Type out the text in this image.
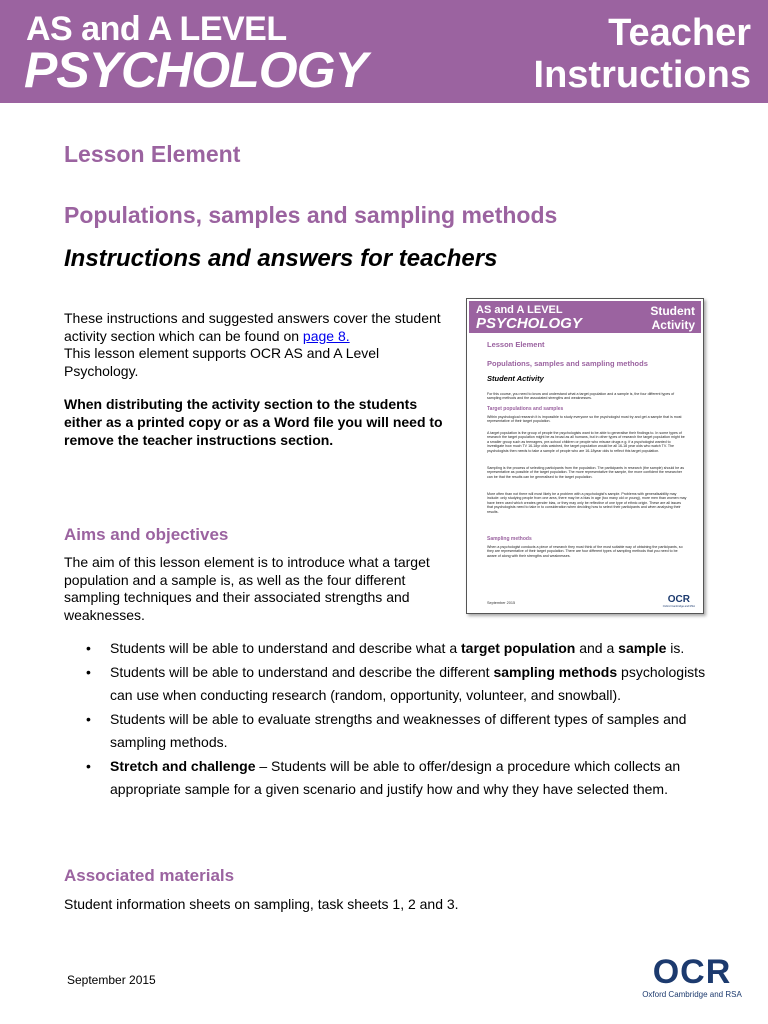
AS and A LEVEL
PSYCHOLOGY
Teacher
Instructions
Lesson Element
Populations, samples and sampling methods
Instructions and answers for teachers
These instructions and suggested answers cover the student activity section which can be found on page 8.
This lesson element supports OCR AS and A Level Psychology.
When distributing the activity section to the students either as a printed copy or as a Word file you will need to remove the teacher instructions section.
AS and A LEVEL
PSYCHOLOGY
Student
Activity
Lesson Element
Populations, samples and sampling methods
Student Activity
For this course, you need to know and understand what a target population and a sample is, the four different types of sampling methods and the associated strengths and weaknesses.
Target populations and samples
Within psychological research it is impossible to study everyone so the psychologist must try and get a sample that is most representative of their target population.
A target population is the group of people the psychologists want to be able to generalise their findings to. In some types of research the target population might be as broad as all humans, but in other types of research the target population might be a smaller group such as teenagers, pre-school children or people who misuse drugs e.g. if a psychologist wanted to investigate how much TV 16-18yr olds watched, the target population would be all 16-18 year olds who watch TV. The psychologists then needs to take a sample of people who are 16-18year olds to reflect this target population.
Sampling is the process of selecting participants from the population. The participants in research (the sample) should be as representative as possible of the target population. The more representative the sample, the more confident the researcher can be that the results can be generalised to the target population.
More often than not there will most likely be a problem with a psychologist's sample. Problems with generalisability may include: only studying people from one area, there may be a bias in age (too many old or young), more men than women may have been used which creates gender bias, or they may only be reflective of one type of ethnic origin. These are all issues that psychologists need to take in to consideration when deciding how to select their participants and when analysing their results.
Sampling methods
When a psychologist conducts a piece of research they must think of the most suitable way of obtaining the participants, so they are representative of their target population. There are four different types of sampling methods that you need to be aware of along with their strengths and weaknesses.
September 2015	OCR
Oxford Cambridge and RSA
Aims and objectives
The aim of this lesson element is to introduce what a target population and a sample is, as well as the four different sampling techniques and their associated strengths and weaknesses.
• Students will be able to understand and describe what a target population and a sample is.
• Students will be able to understand and describe the different sampling methods psychologists can use when conducting research (random, opportunity, volunteer, and snowball).
• Students will be able to evaluate strengths and weaknesses of different types of samples and sampling methods.
• Stretch and challenge – Students will be able to offer/design a procedure which collects an appropriate sample for a given scenario and justify how and why they have selected them.
Associated materials
Student information sheets on sampling, task sheets 1, 2 and 3.
September 2015	OCR
Oxford Cambridge and RSA
